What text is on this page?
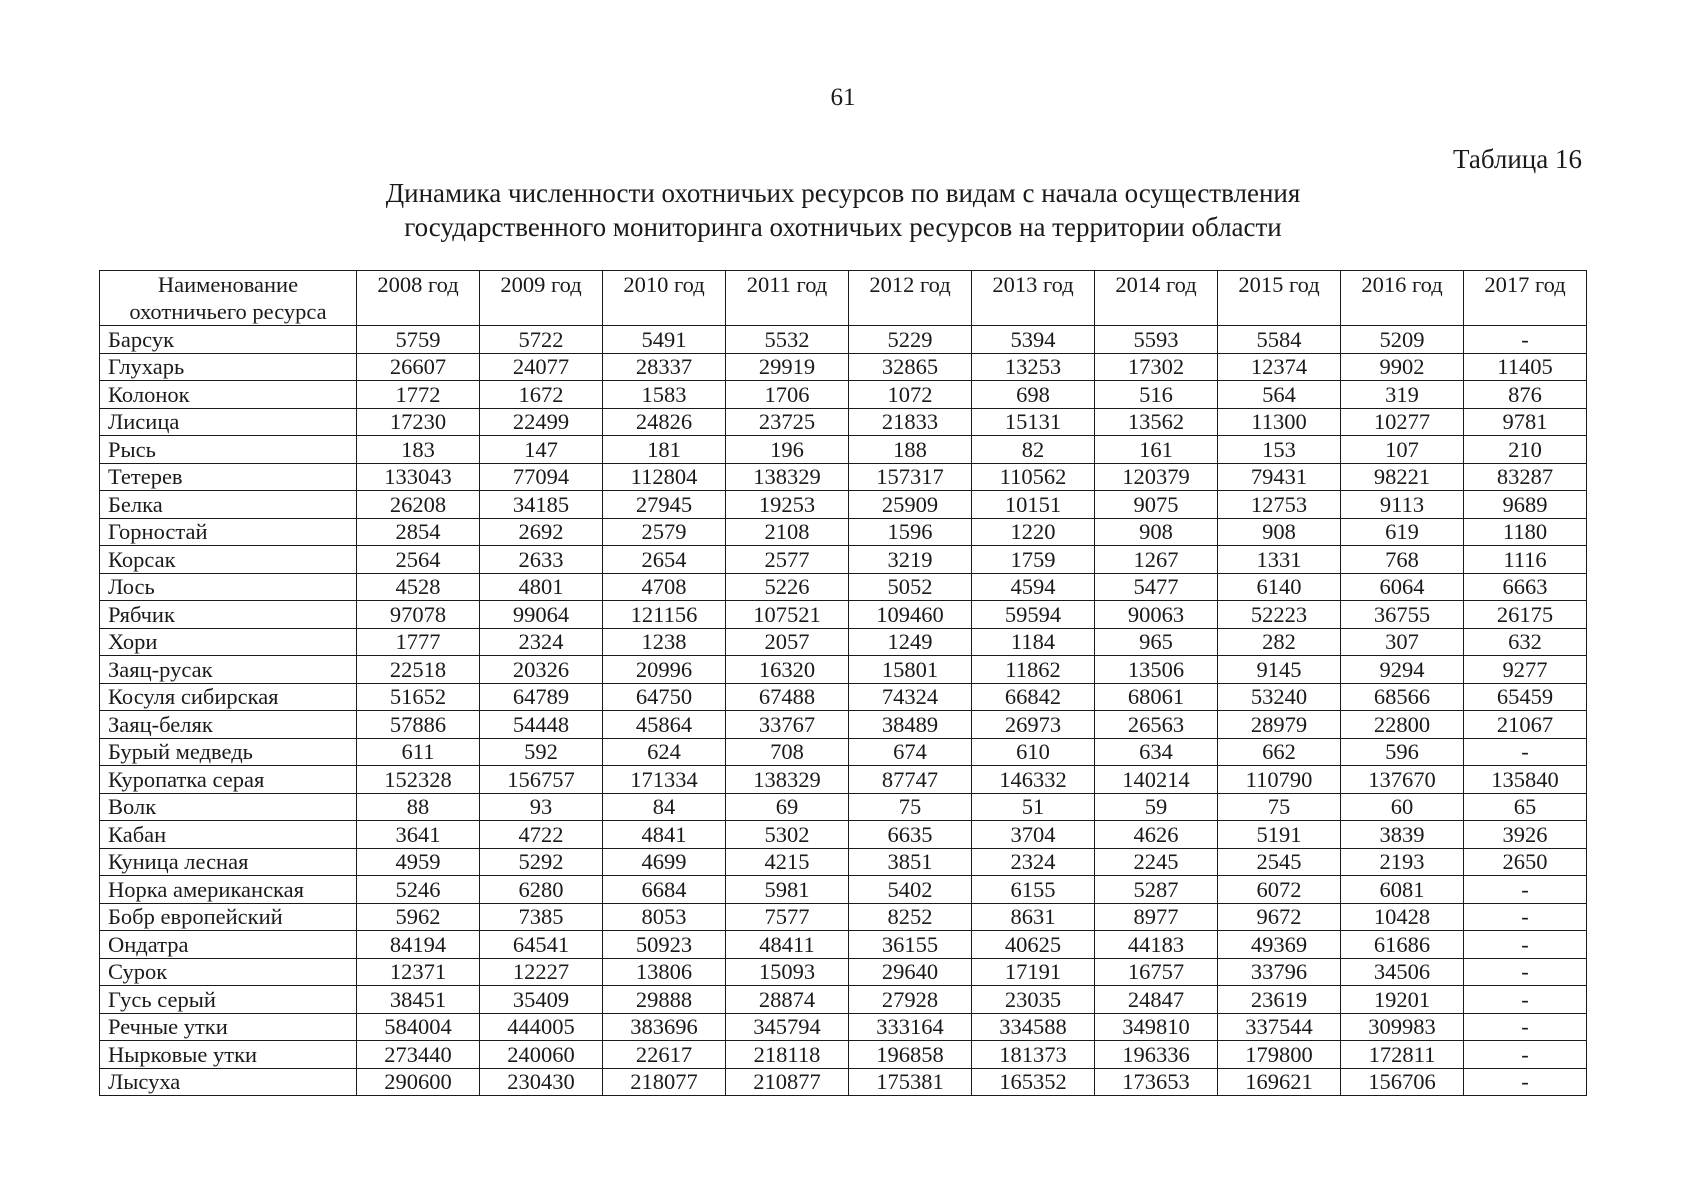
61
Таблица 16
Динамика численности охотничьих ресурсов по видам с начала осуществления
государственного мониторинга охотничьих ресурсов на территории области
Наименование охотничьего ресурса	2008 год	2009 год	2010 год	2011 год	2012 год	2013 год	2014 год	2015 год	2016 год	2017 год
Барсук	5759	5722	5491	5532	5229	5394	5593	5584	5209	-
Глухарь	26607	24077	28337	29919	32865	13253	17302	12374	9902	11405
Колонок	1772	1672	1583	1706	1072	698	516	564	319	876
Лисица	17230	22499	24826	23725	21833	15131	13562	11300	10277	9781
Рысь	183	147	181	196	188	82	161	153	107	210
Тетерев	133043	77094	112804	138329	157317	110562	120379	79431	98221	83287
Белка	26208	34185	27945	19253	25909	10151	9075	12753	9113	9689
Горностай	2854	2692	2579	2108	1596	1220	908	908	619	1180
Корсак	2564	2633	2654	2577	3219	1759	1267	1331	768	1116
Лось	4528	4801	4708	5226	5052	4594	5477	6140	6064	6663
Рябчик	97078	99064	121156	107521	109460	59594	90063	52223	36755	26175
Хори	1777	2324	1238	2057	1249	1184	965	282	307	632
Заяц-русак	22518	20326	20996	16320	15801	11862	13506	9145	9294	9277
Косуля сибирская	51652	64789	64750	67488	74324	66842	68061	53240	68566	65459
Заяц-беляк	57886	54448	45864	33767	38489	26973	26563	28979	22800	21067
Бурый медведь	611	592	624	708	674	610	634	662	596	-
Куропатка серая	152328	156757	171334	138329	87747	146332	140214	110790	137670	135840
Волк	88	93	84	69	75	51	59	75	60	65
Кабан	3641	4722	4841	5302	6635	3704	4626	5191	3839	3926
Куница лесная	4959	5292	4699	4215	3851	2324	2245	2545	2193	2650
Норка американская	5246	6280	6684	5981	5402	6155	5287	6072	6081	-
Бобр европейский	5962	7385	8053	7577	8252	8631	8977	9672	10428	-
Ондатра	84194	64541	50923	48411	36155	40625	44183	49369	61686	-
Сурок	12371	12227	13806	15093	29640	17191	16757	33796	34506	-
Гусь серый	38451	35409	29888	28874	27928	23035	24847	23619	19201	-
Речные утки	584004	444005	383696	345794	333164	334588	349810	337544	309983	-
Нырковые утки	273440	240060	22617	218118	196858	181373	196336	179800	172811	-
Лысуха	290600	230430	218077	210877	175381	165352	173653	169621	156706	-
